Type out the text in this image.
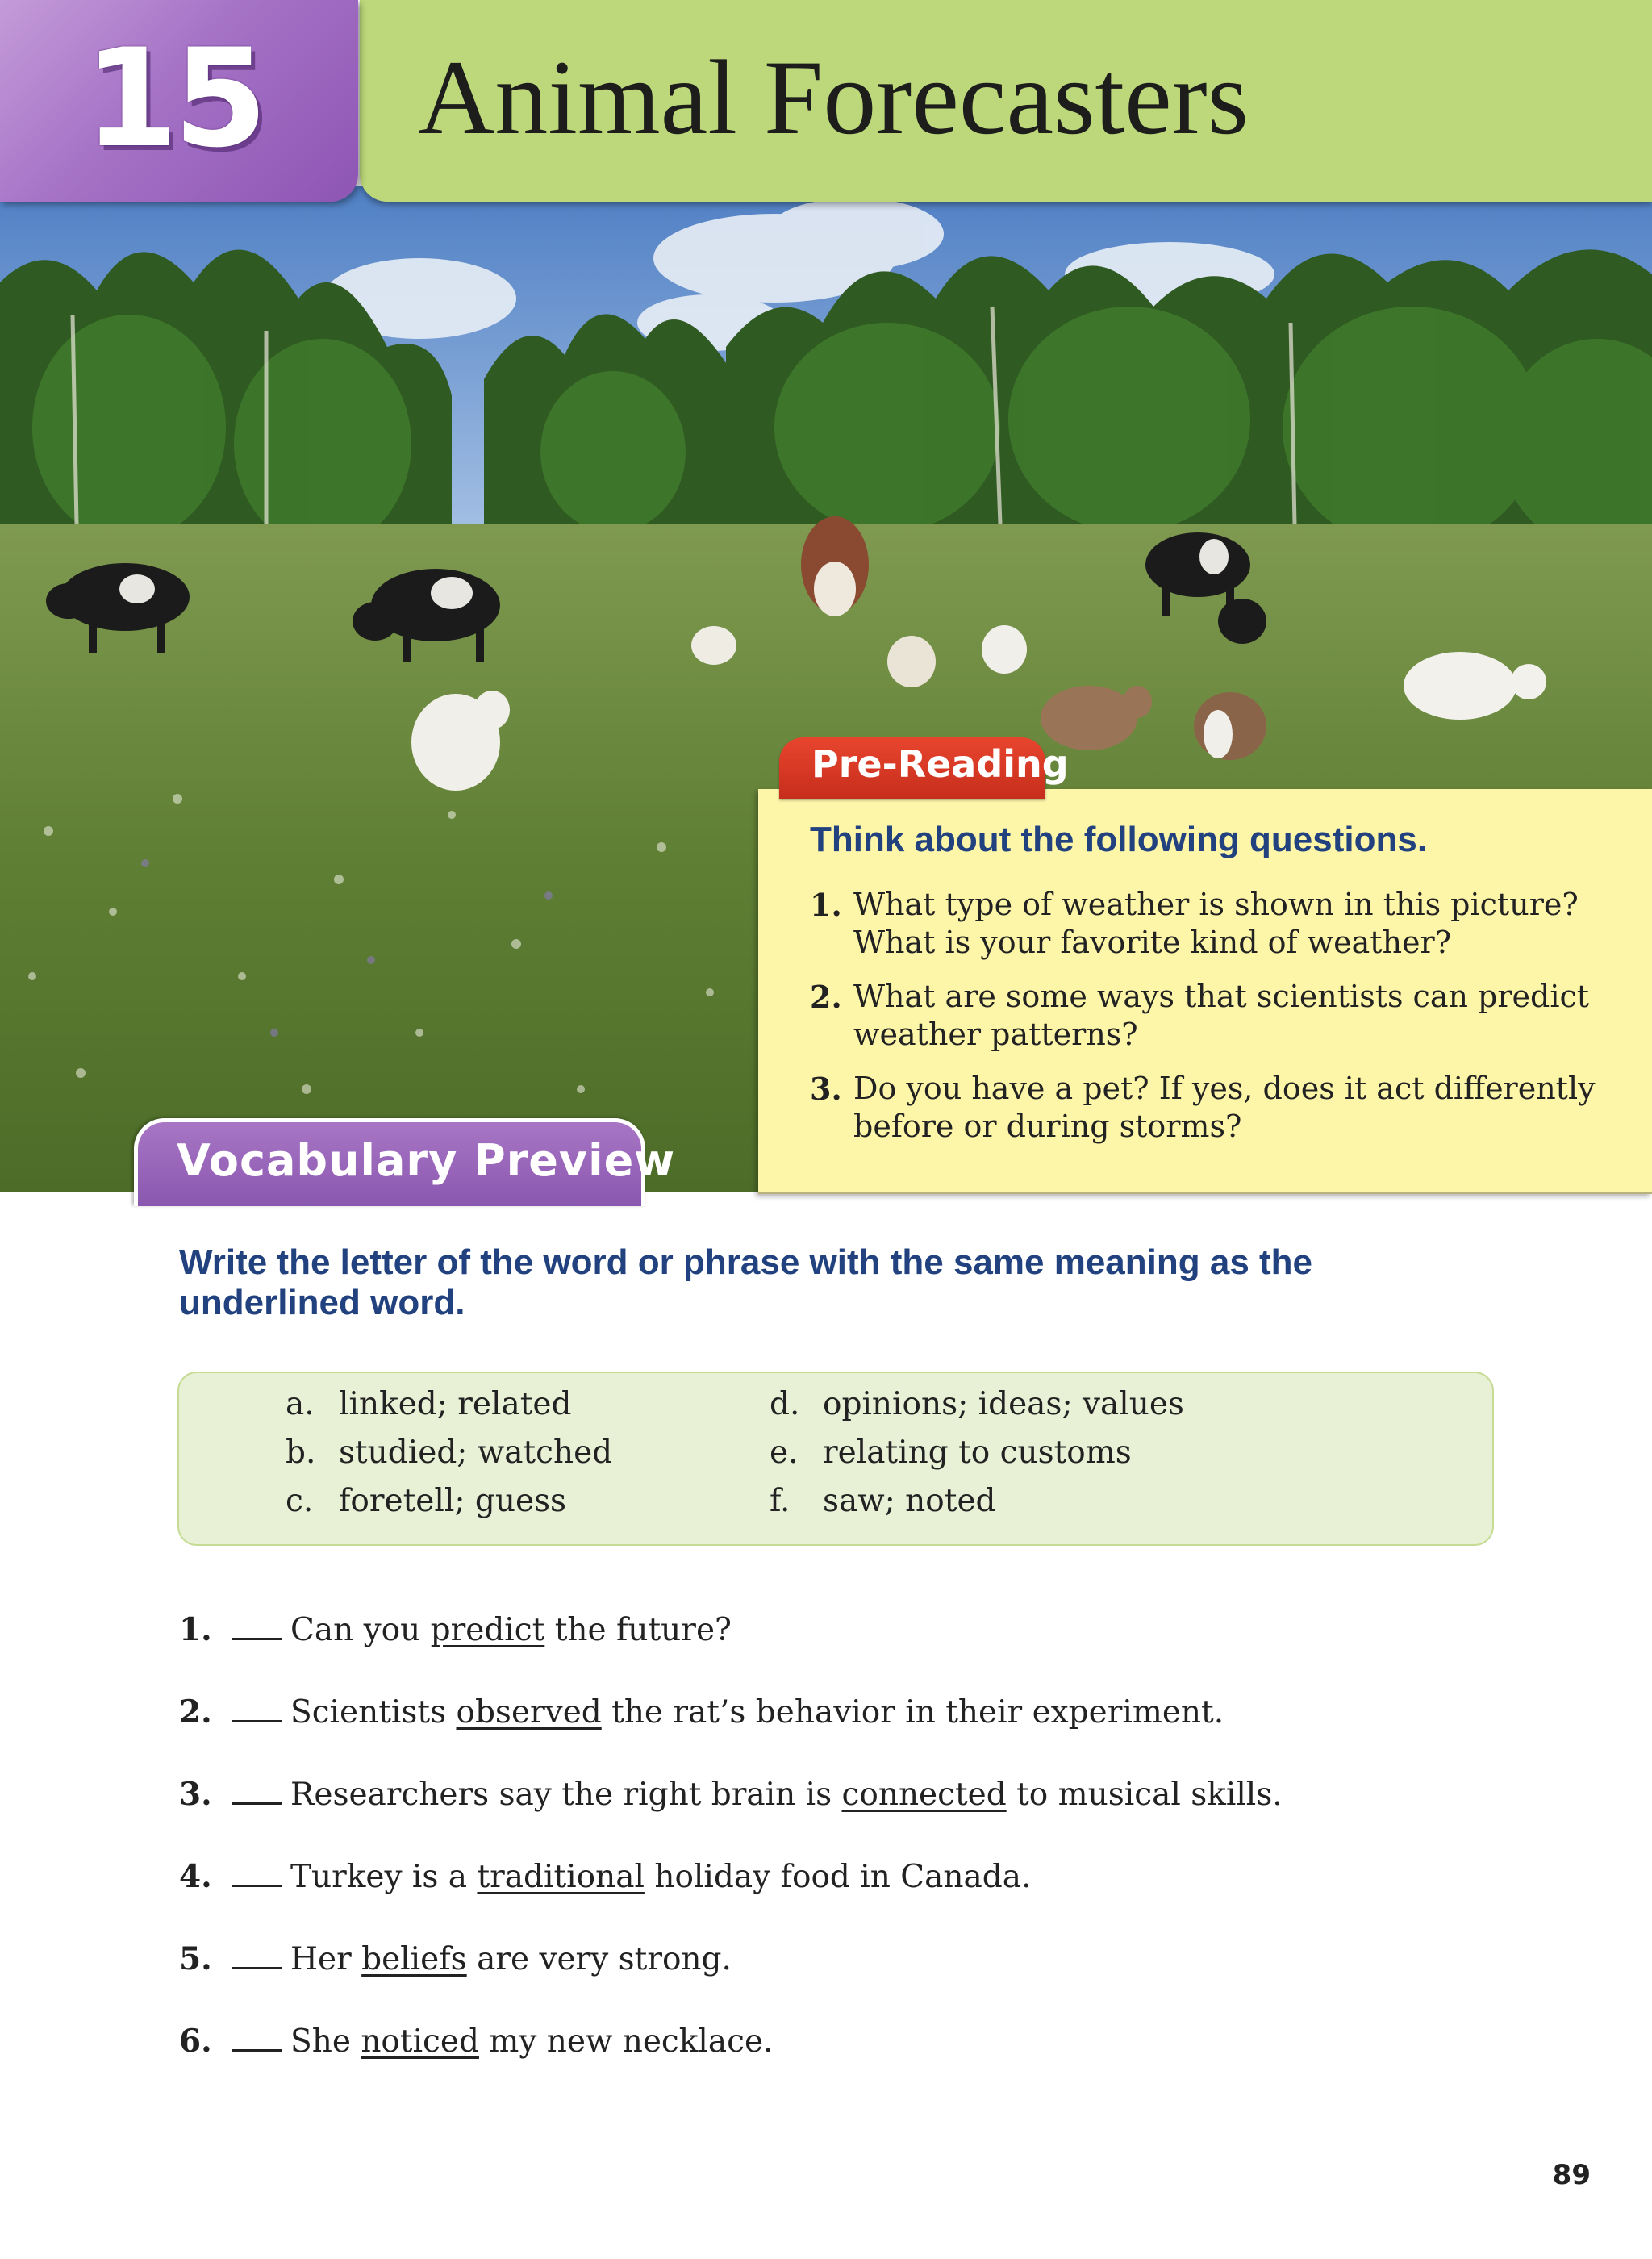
15 Animal Forecasters
Pre-Reading
Think about the following questions.
1. What type of weather is shown in this picture? What is your favorite kind of weather?
2. What are some ways that scientists can predict weather patterns?
3. Do you have a pet? If yes, does it act differently before or during storms?
Vocabulary Preview
Write the letter of the word or phrase with the same meaning as the underlined word.
a. linked; related
b. studied; watched
c. foretell; guess
d. opinions; ideas; values
e. relating to customs
f. saw; noted
1. Can you predict the future?
2. Scientists observed the rat’s behavior in their experiment.
3. Researchers say the right brain is connected to musical skills.
4. Turkey is a traditional holiday food in Canada.
5. Her beliefs are very strong.
6. She noticed my new necklace.
89
